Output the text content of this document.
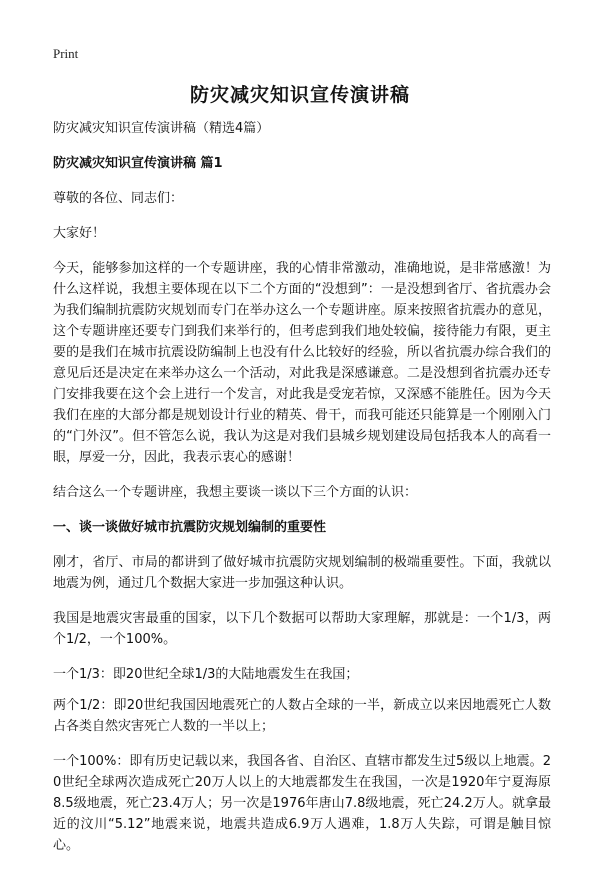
Print
防灾减灾知识宣传演讲稿

防灾减灾知识宣传演讲稿（精选4篇）

防灾减灾知识宣传演讲稿 篇1

尊敬的各位、同志们：

大家好！

今天，能够参加这样的一个专题讲座，我的心情非常激动，准确地说，是非常感激！为什么这样说，我想主要体现在以下二个方面的“没想到”：一是没想到省厅、省抗震办会为我们编制抗震防灾规划而专门在举办这么一个专题讲座。原来按照省抗震办的意见，这个专题讲座还要专门到我们来举行的，但考虑到我们地处较偏，接待能力有限，更主要的是我们在城市抗震设防编制上也没有什么比较好的经验，所以省抗震办综合我们的意见后还是决定在来举办这么一个活动，对此我是深感谦意。二是没想到省抗震办还专门安排我要在这个会上进行一个发言，对此我是受宠若惊，又深感不能胜任。因为今天我们在座的大部分都是规划设计行业的精英、骨干，而我可能还只能算是一个刚刚入门的“门外汉”。但不管怎么说，我认为这是对我们县城乡规划建设局包括我本人的高看一眼，厚爱一分，因此，我表示衷心的感谢！

结合这么一个专题讲座，我想主要谈一谈以下三个方面的认识：

一、谈一谈做好城市抗震防灾规划编制的重要性

刚才，省厅、市局的都讲到了做好城市抗震防灾规划编制的极端重要性。下面，我就以地震为例，通过几个数据大家进一步加强这种认识。

我国是地震灾害最重的国家，以下几个数据可以帮助大家理解，那就是：一个1/3，两个1/2，一个100%。

一个1/3：即20世纪全球1/3的大陆地震发生在我国；

两个1/2：即20世纪我国因地震死亡的人数占全球的一半，新成立以来因地震死亡人数占各类自然灾害死亡人数的一半以上；

一个100%：即有历史记载以来，我国各省、自治区、直辖市都发生过5级以上地震。20世纪全球两次造成死亡20万人以上的大地震都发生在我国，一次是1920年宁夏海原8.5级地震，死亡23.4万人；另一次是1976年唐山7.8级地震，死亡24.2万人。就拿最近的汶川“5.12”地震来说，地震共造成6.9万人遇难，1.8万人失踪，可谓是触目惊心。
